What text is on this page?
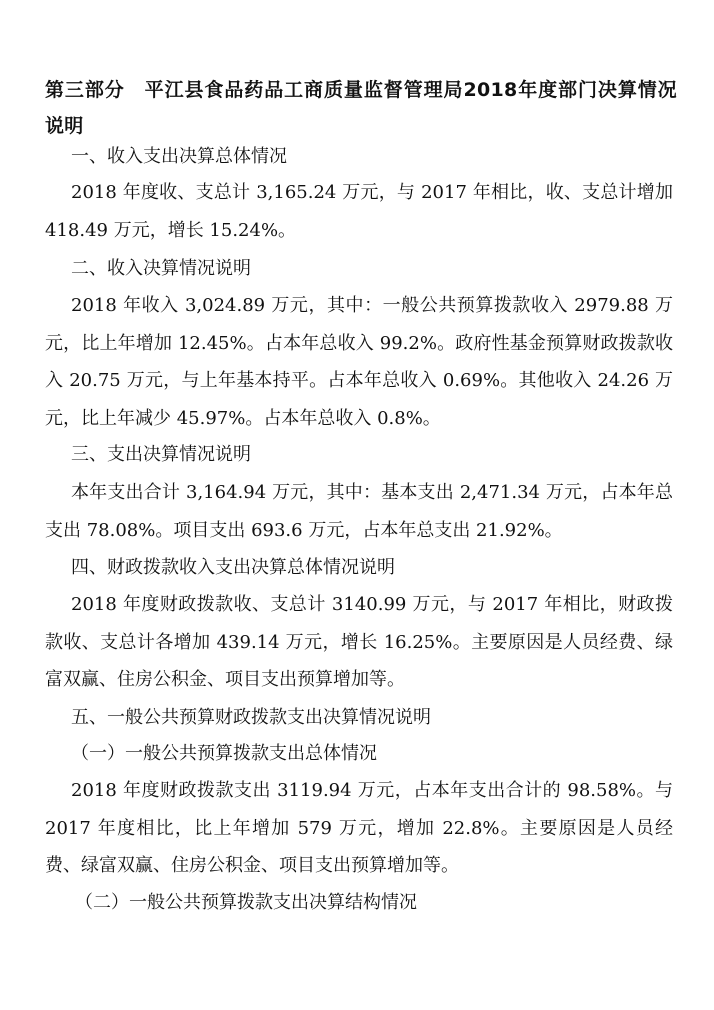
第三部分　平江县食品药品工商质量监督管理局2018年度部门决算情况说明
一、收入支出决算总体情况
2018 年度收、支总计 3,165.24 万元，与 2017 年相比，收、支总计增加 418.49 万元，增长 15.24%。
二、收入决算情况说明
2018 年收入 3,024.89 万元，其中：一般公共预算拨款收入 2979.88 万元，比上年增加 12.45%。占本年总收入 99.2%。政府性基金预算财政拨款收入 20.75 万元，与上年基本持平。占本年总收入 0.69%。其他收入 24.26 万元，比上年减少 45.97%。占本年总收入 0.8%。
三、支出决算情况说明
本年支出合计 3,164.94 万元，其中：基本支出 2,471.34 万元，占本年总支出 78.08%。项目支出 693.6 万元，占本年总支出 21.92%。
四、财政拨款收入支出决算总体情况说明
2018 年度财政拨款收、支总计 3140.99 万元，与 2017 年相比，财政拨款收、支总计各增加 439.14 万元，增长 16.25%。主要原因是人员经费、绿富双赢、住房公积金、项目支出预算增加等。
五、一般公共预算财政拨款支出决算情况说明
（一）一般公共预算拨款支出总体情况
2018 年度财政拨款支出 3119.94 万元，占本年支出合计的 98.58%。与 2017 年度相比，比上年增加 579 万元，增加 22.8%。主要原因是人员经费、绿富双赢、住房公积金、项目支出预算增加等。
（二）一般公共预算拨款支出决算结构情况
